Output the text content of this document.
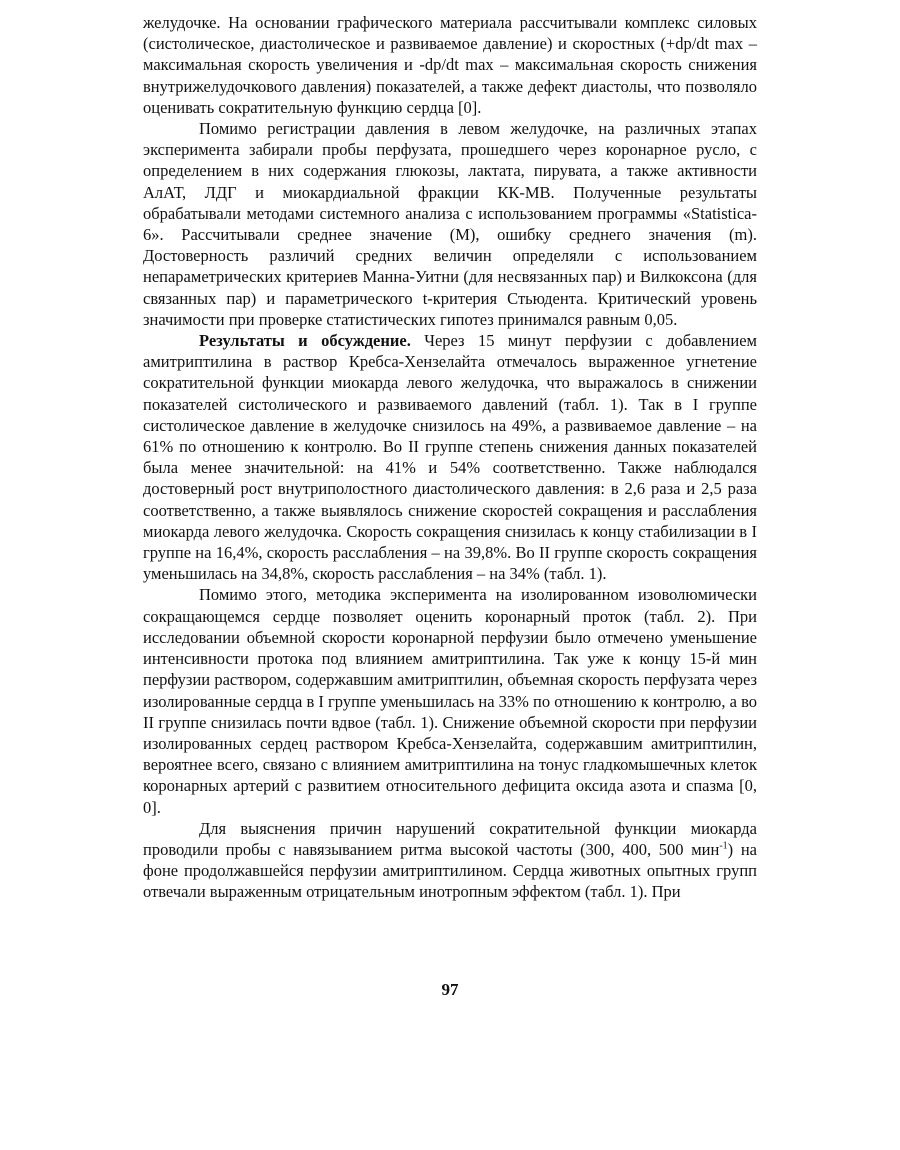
желудочке. На основании графического материала рассчитывали комплекс силовых (систолическое, диастолическое и развиваемое давление) и скоростных (+dp/dt max – максимальная скорость увеличения и -dp/dt max – максимальная скорость снижения внутрижелудочкового давления) показателей, а также дефект диастолы, что позволяло оценивать сократительную функцию сердца [0].

Помимо регистрации давления в левом желудочке, на различных этапах эксперимента забирали пробы перфузата, прошедшего через коронарное русло, с определением в них содержания глюкозы, лактата, пирувата, а также активности АлАТ, ЛДГ и миокардиальной фракции КК-МВ. Полученные результаты обрабатывали методами системного анализа с использованием программы «Statistica-6». Рассчитывали среднее значение (М), ошибку среднего значения (m). Достоверность различий средних величин определяли с использованием непараметрических критериев Манна-Уитни (для несвязанных пар) и Вилкоксона (для связанных пар) и параметрического t-критерия Стьюдента. Критический уровень значимости при проверке статистических гипотез принимался равным 0,05.

Результаты и обсуждение. Через 15 минут перфузии с добавлением амитриптилина в раствор Кребса-Хензелайта отмечалось выраженное угнетение сократительной функции миокарда левого желудочка, что выражалось в снижении показателей систолического и развиваемого давлений (табл. 1). Так в I группе систолическое давление в желудочке снизилось на 49%, а развиваемое давление – на 61% по отношению к контролю. Во II группе степень снижения данных показателей была менее значительной: на 41% и 54% соответственно. Также наблюдался достоверный рост внутриполостного диастолического давления: в 2,6 раза и 2,5 раза соответственно, а также выявлялось снижение скоростей сокращения и расслабления миокарда левого желудочка. Скорость сокращения снизилась к концу стабилизации в I группе на 16,4%, скорость расслабления – на 39,8%. Во II группе скорость сокращения уменьшилась на 34,8%, скорость расслабления – на 34% (табл. 1).

Помимо этого, методика эксперимента на изолированном изоволюмически сокращающемся сердце позволяет оценить коронарный проток (табл. 2). При исследовании объемной скорости коронарной перфузии было отмечено уменьшение интенсивности протока под влиянием амитриптилина. Так уже к концу 15-й мин перфузии раствором, содержавшим амитриптилин, объемная скорость перфузата через изолированные сердца в I группе уменьшилась на 33% по отношению к контролю, а во II группе снизилась почти вдвое (табл. 1). Снижение объемной скорости при перфузии изолированных сердец раствором Кребса-Хензелайта, содержавшим амитриптилин, вероятнее всего, связано с влиянием амитриптилина на тонус гладкомышечных клеток коронарных артерий с развитием относительного дефицита оксида азота и спазма [0, 0].

Для выяснения причин нарушений сократительной функции миокарда проводили пробы с навязыванием ритма высокой частоты (300, 400, 500 мин$^{-1}$) на фоне продолжавшейся перфузии амитриптилином. Сердца животных опытных групп отвечали выраженным отрицательным инотропным эффектом (табл. 1). При

97
